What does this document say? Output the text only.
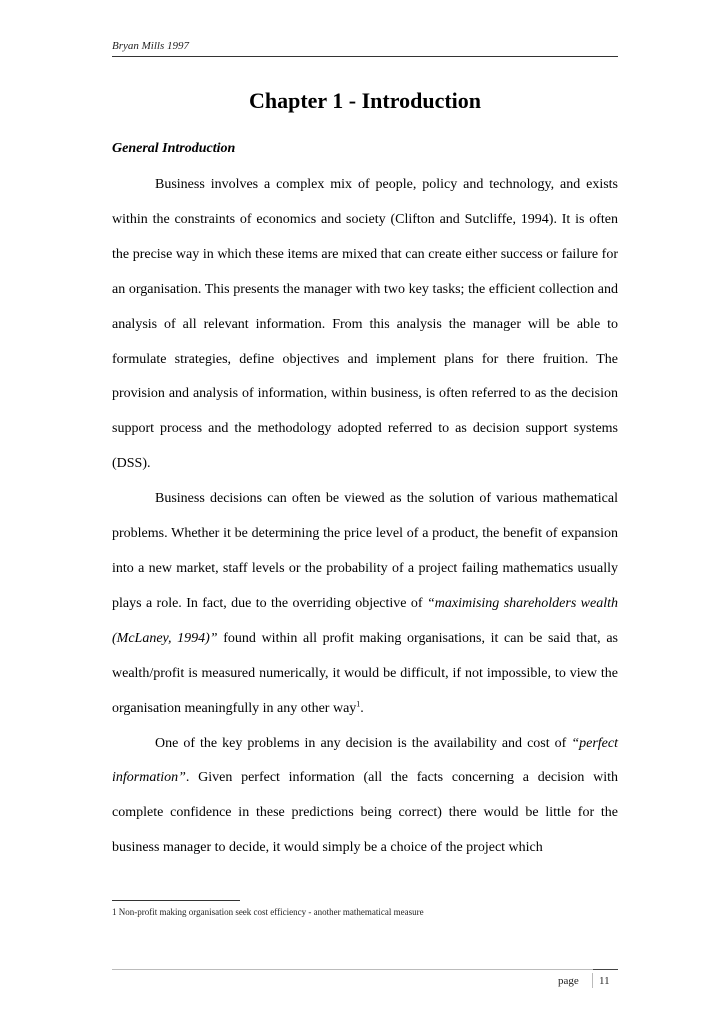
Bryan Mills 1997
Chapter 1 - Introduction
General Introduction

Business involves a complex mix of people, policy and technology, and exists within the constraints of economics and society (Clifton and Sutcliffe, 1994). It is often the precise way in which these items are mixed that can create either success or failure for an organisation. This presents the manager with two key tasks; the efficient collection and analysis of all relevant information. From this analysis the manager will be able to formulate strategies, define objectives and implement plans for there fruition. The provision and analysis of information, within business, is often referred to as the decision support process and the methodology adopted referred to as decision support systems (DSS).

Business decisions can often be viewed as the solution of various mathematical problems. Whether it be determining the price level of a product, the benefit of expansion into a new market, staff levels or the probability of a project failing mathematics usually plays a role. In fact, due to the overriding objective of “maximising shareholders wealth (McLaney, 1994)” found within all profit making organisations, it can be said that, as wealth/profit is measured numerically, it would be difficult, if not impossible, to view the organisation meaningfully in any other way$^1$.

One of the key problems in any decision is the availability and cost of “perfect information”. Given perfect information (all the facts concerning a decision with complete confidence in these predictions being correct) there would be little for the business manager to decide, it would simply be a choice of the project which

1 Non-profit making organisation seek cost efficiency - another mathematical measure
page 11
